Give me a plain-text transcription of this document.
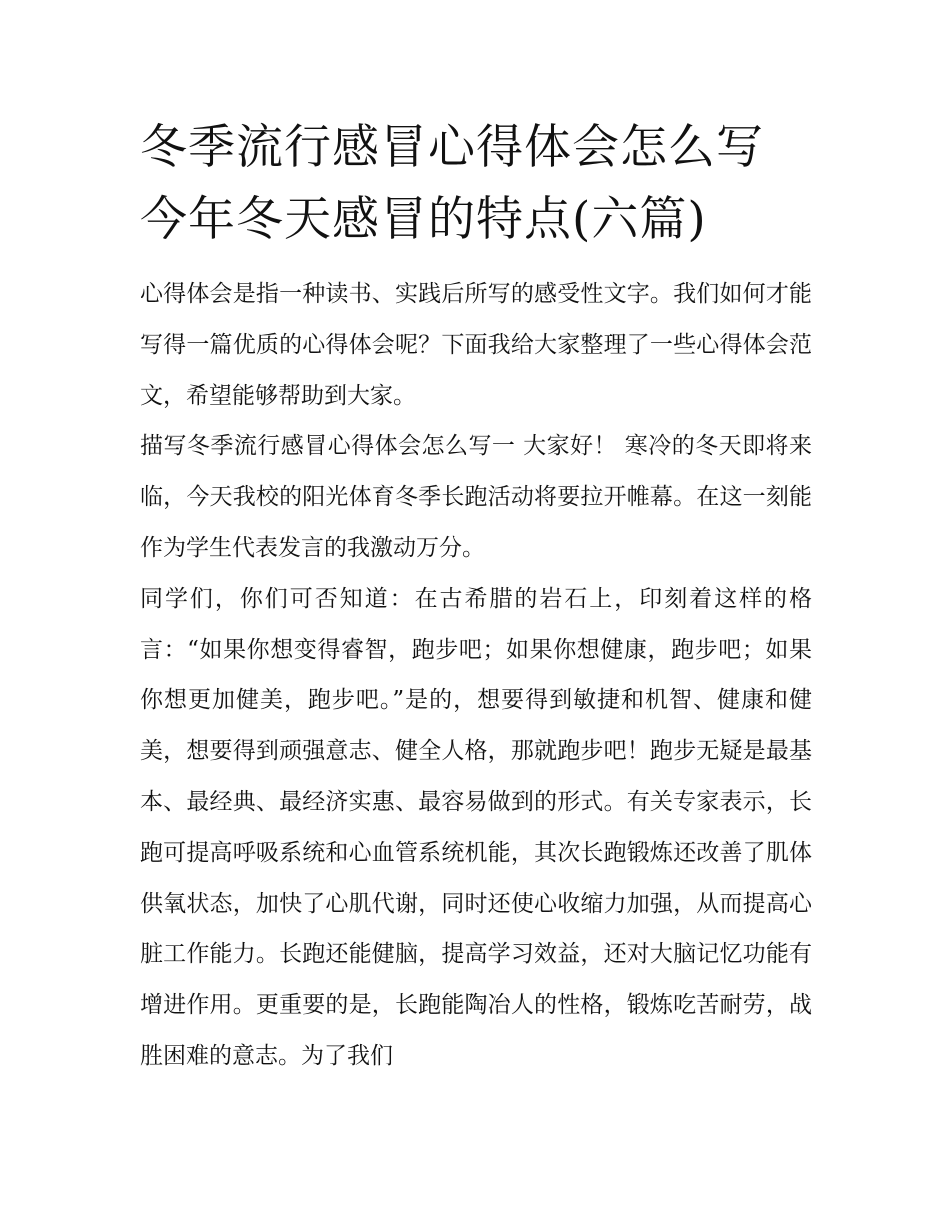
冬季流行感冒心得体会怎么写
今年冬天感冒的特点(六篇)

心得体会是指一种读书、实践后所写的感受性文字。我们如何才能写得一篇优质的心得体会呢？下面我给大家整理了一些心得体会范文，希望能够帮助到大家。

描写冬季流行感冒心得体会怎么写一 大家好！ 寒冷的冬天即将来临，今天我校的阳光体育冬季长跑活动将要拉开帷幕。在这一刻能作为学生代表发言的我激动万分。

同学们，你们可否知道：在古希腊的岩石上，印刻着这样的格言：“如果你想变得睿智，跑步吧；如果你想健康，跑步吧；如果你想更加健美，跑步吧。”是的，想要得到敏捷和机智、健康和健美，想要得到顽强意志、健全人格，那就跑步吧！跑步无疑是最基本、最经典、最经济实惠、最容易做到的形式。有关专家表示，长跑可提高呼吸系统和心血管系统机能，其次长跑锻炼还改善了肌体供氧状态，加快了心肌代谢，同时还使心收缩力加强，从而提高心脏工作能力。长跑还能健脑，提高学习效益，还对大脑记忆功能有增进作用。更重要的是，长跑能陶冶人的性格，锻炼吃苦耐劳，战胜困难的意志。为了我们
